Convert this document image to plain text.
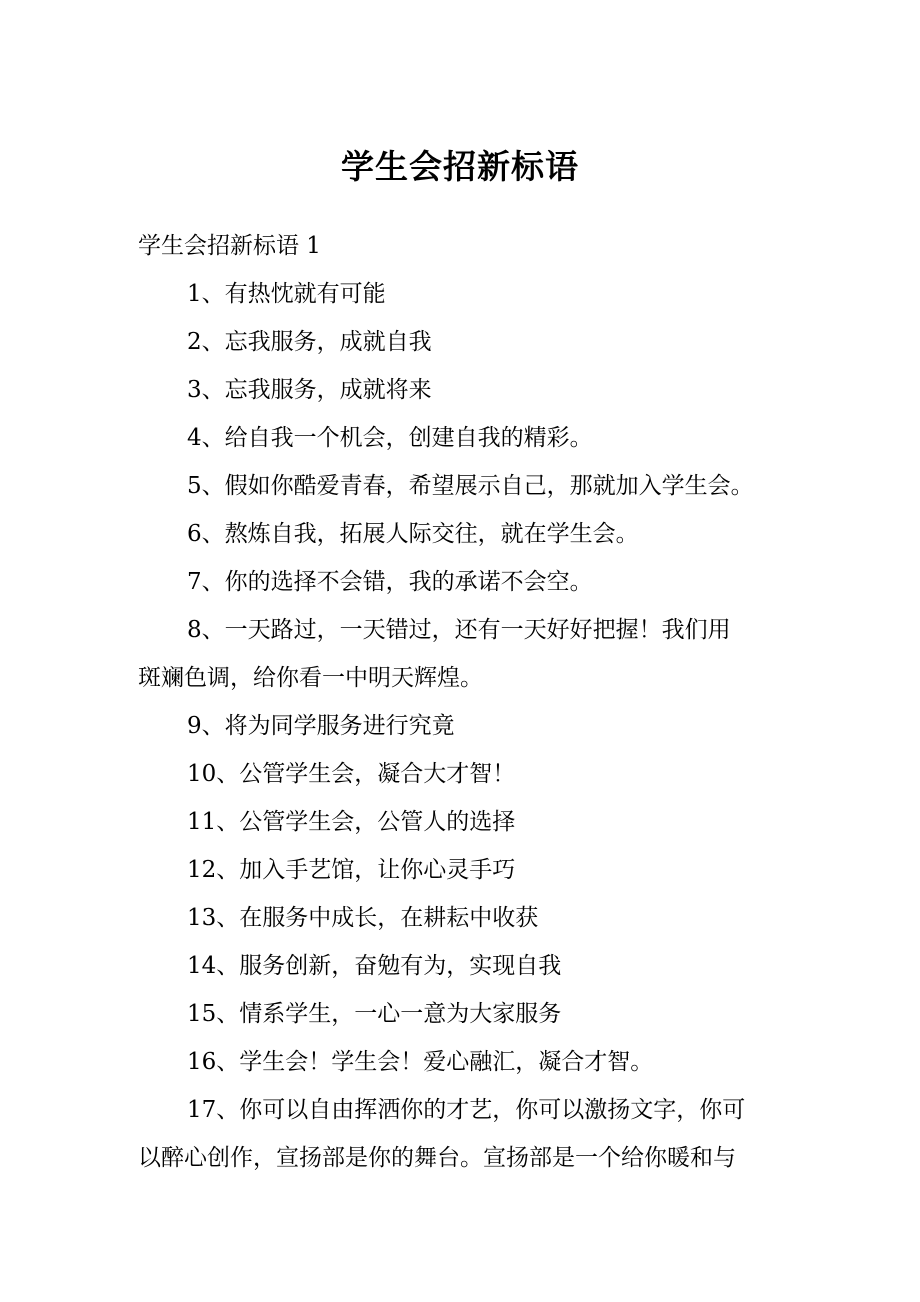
学生会招新标语
学生会招新标语 1
1、有热忱就有可能
2、忘我服务，成就自我
3、忘我服务，成就将来
4、给自我一个机会，创建自我的精彩。
5、假如你酷爱青春，希望展示自己，那就加入学生会。
6、熬炼自我，拓展人际交往，就在学生会。
7、你的选择不会错，我的承诺不会空。
8、一天路过，一天错过，还有一天好好把握！我们用
斑斓色调，给你看一中明天辉煌。
9、将为同学服务进行究竟
10、公管学生会，凝合大才智！
11、公管学生会，公管人的选择
12、加入手艺馆，让你心灵手巧
13、在服务中成长，在耕耘中收获
14、服务创新，奋勉有为，实现自我
15、情系学生，一心一意为大家服务
16、学生会！学生会！爱心融汇，凝合才智。
17、你可以自由挥洒你的才艺，你可以激扬文字，你可
以醉心创作，宣扬部是你的舞台。宣扬部是一个给你暖和与
